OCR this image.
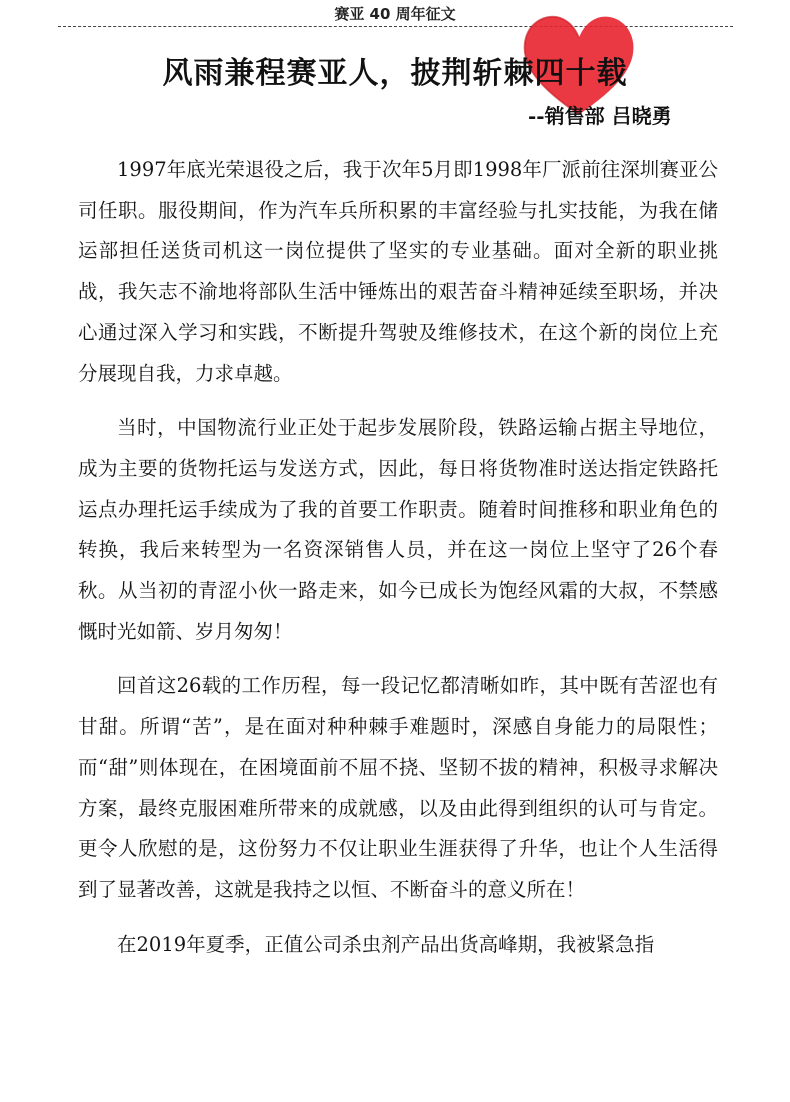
赛亚 40 周年征文
风雨兼程赛亚人，披荆斩棘四十载
--销售部 吕晓勇

1997年底光荣退役之后，我于次年5月即1998年厂派前往深圳赛亚公司任职。服役期间，作为汽车兵所积累的丰富经验与扎实技能，为我在储运部担任送货司机这一岗位提供了坚实的专业基础。面对全新的职业挑战，我矢志不渝地将部队生活中锤炼出的艰苦奋斗精神延续至职场，并决心通过深入学习和实践，不断提升驾驶及维修技术，在这个新的岗位上充分展现自我，力求卓越。

当时，中国物流行业正处于起步发展阶段，铁路运输占据主导地位，成为主要的货物托运与发送方式，因此，每日将货物准时送达指定铁路托运点办理托运手续成为了我的首要工作职责。随着时间推移和职业角色的转换，我后来转型为一名资深销售人员，并在这一岗位上坚守了26个春秋。从当初的青涩小伙一路走来，如今已成长为饱经风霜的大叔，不禁感慨时光如箭、岁月匆匆！

回首这26载的工作历程，每一段记忆都清晰如昨，其中既有苦涩也有甘甜。所谓“苦”，是在面对种种棘手难题时，深感自身能力的局限性；而“甜”则体现在，在困境面前不屈不挠、坚韧不拔的精神，积极寻求解决方案，最终克服困难所带来的成就感，以及由此得到组织的认可与肯定。更令人欣慰的是，这份努力不仅让职业生涯获得了升华，也让个人生活得到了显著改善，这就是我持之以恒、不断奋斗的意义所在！

在2019年夏季，正值公司杀虫剂产品出货高峰期，我被紧急指
